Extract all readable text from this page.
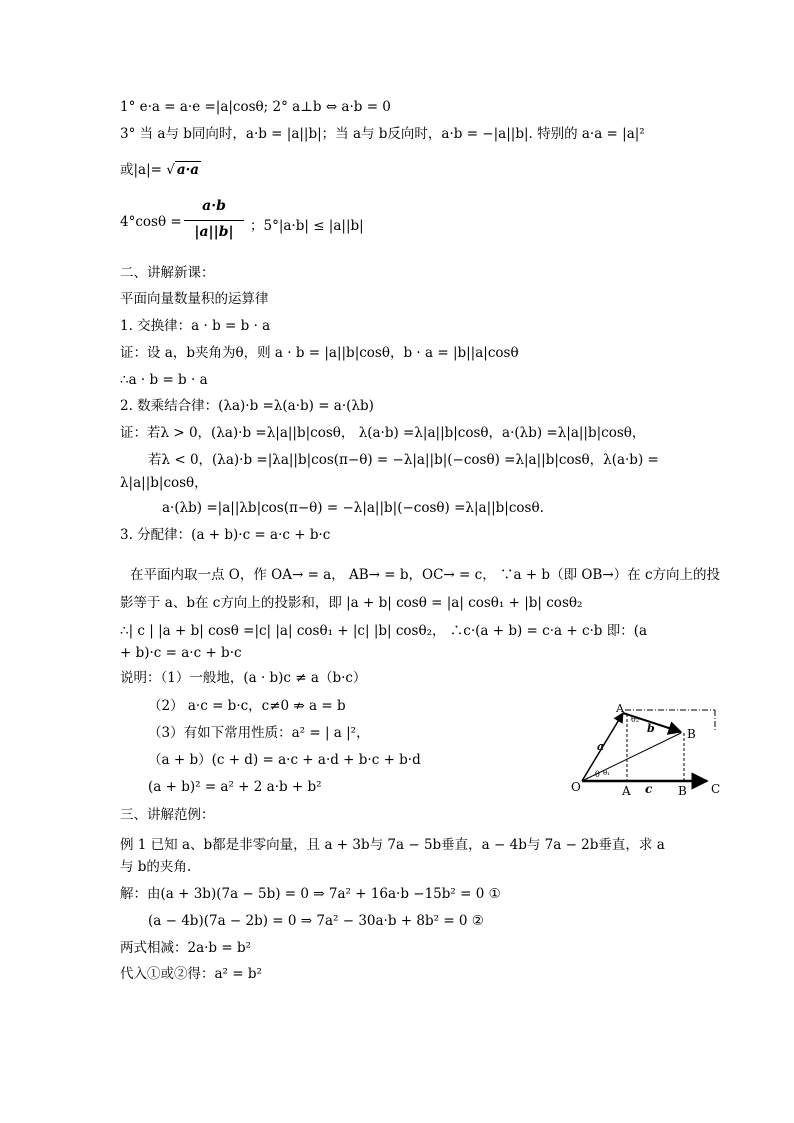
1° e·a = a·e =|a|cosθ; 2° a⊥b ⇔ a·b = 0
3° 当 a与 b同向时，a·b = |a||b|；当 a与 b反向时，a·b = −|a||b|. 特别的 a·a = |a|²
或|a|= √ a·a
4°cosθ =
a·b
|a||b|	；5°|a·b| ≤ |a||b|
二、讲解新课：
平面向量数量积的运算律
1. 交换律：a · b = b · a
证：设 a，b夹角为θ，则 a · b = |a||b|cosθ，b · a = |b||a|cosθ
∴a · b = b · a
2. 数乘结合律：(λa)·b =λ(a·b) = a·(λb)
证：若λ > 0，(λa)·b =λ|a||b|cosθ， λ(a·b) =λ|a||b|cosθ，a·(λb) =λ|a||b|cosθ，
若λ < 0，(λa)·b =|λa||b|cos(π−θ) = −λ|a||b|(−cosθ) =λ|a||b|cosθ，λ(a·b) =
λ|a||b|cosθ，
a·(λb) =|a||λb|cos(π−θ) = −λ|a||b|(−cosθ) =λ|a||b|cosθ.
3. 分配律：(a + b)·c = a·c + b·c
在平面内取一点 O，作 OA→ = a， AB→ = b，OC→ = c， ∵a + b（即 OB→）在 c方向上的投
影等于 a、b在 c方向上的投影和，即 |a + b| cosθ = |a| cosθ₁ + |b| cosθ₂
∴| c | |a + b| cosθ =|c| |a| cosθ₁ + |c| |b| cosθ₂， ∴c·(a + b) = c·a + c·b 即：(a
+ b)·c = a·c + b·c
说明：（1）一般地，(a · b)c ≠ a（b·c）
（2） a·c = b·c，c≠0 ⇏ a = b
（3）有如下常用性质：a² = | a |²，
（a + b）(c + d) = a·c + a·d + b·c + b·d
(a + b)² = a² + 2 a·b + b²
三、讲解范例：
例 1 已知 a、b都是非零向量，且 a + 3b与 7a − 5b垂直，a − 4b与 7a − 2b垂直，求 a
与 b的夹角.
解：由(a + 3b)(7a − 5b) = 0 ⇒ 7a² + 16a·b −15b² = 0 ①
(a − 4b)(7a − 2b) = 0 ⇒ 7a² − 30a·b + 8b² = 0 ②
两式相减：2a·b = b²
代入①或②得：a² = b²
A
B
O	A c B C
a
b
θ₂
θ θ₁
